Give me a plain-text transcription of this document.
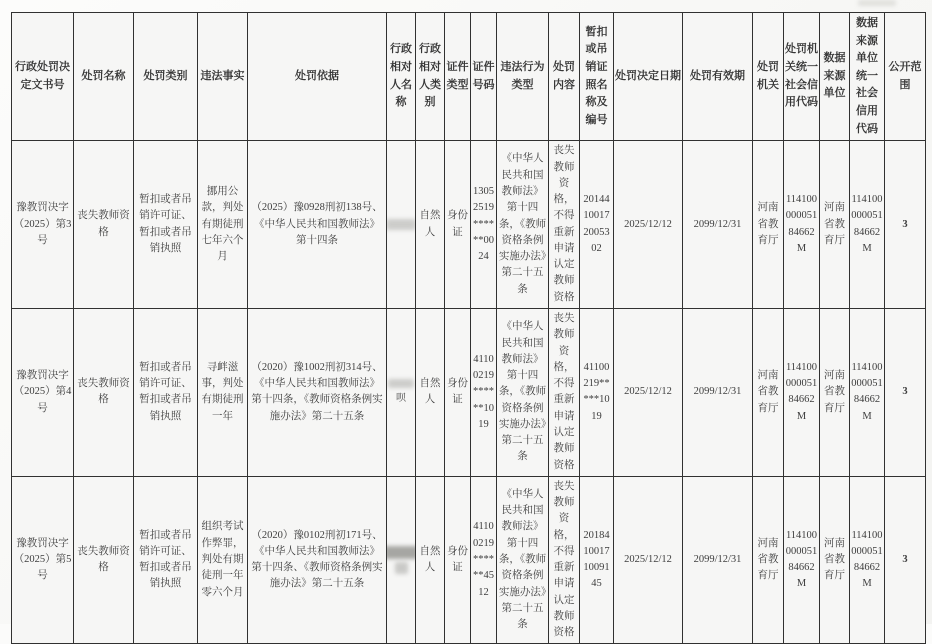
行政处罚决定文书号	处罚名称	处罚类别	违法事实	处罚依据	行政相对人名称	行政相对人类别	证件类型	证件号码	违法行为类型	处罚内容	暂扣或吊销证照名称及编号	处罚决定日期	处罚有效期	处罚机关	处罚机关统一社会信用代码	数据来源单位	数据来源单位统一社会信用代码	公开范围
豫教罚决字（2025）第3号	丧失教师资格	暂扣或者吊销许可证、暂扣或者吊销执照	挪用公款，判处有期徒刑七年六个月	（2025）豫0928刑初138号、《中华人民共和国教师法》第十四条		自然人	身份证	13052519******0024	《中华人民共和国教师法》第十四条，《教师资格条例实施办法》第二十五条	丧失教师资格，不得重新申请认定教师资格	20144100172005302	2025/12/12	2099/12/31	河南省教育厅	11410000005184662M	河南省教育厅	11410000005184662M	3
豫教罚决字（2025）第4号	丧失教师资格	暂扣或者吊销许可证、暂扣或者吊销执照	寻衅滋事，判处有期徒刑一年	（2020）豫1002刑初314号、《中华人民共和国教师法》第十四条，《教师资格条例实施办法》第二十五条	呗	自然人	身份证	41100219******1019	《中华人民共和国教师法》第十四条，《教师资格条例实施办法》第二十五条	丧失教师资格，不得重新申请认定教师资格	41100219*****1019	2025/12/12	2099/12/31	河南省教育厅	11410000005184662M	河南省教育厅	11410000005184662M	3
豫教罚决字（2025）第5号	丧失教师资格	暂扣或者吊销许可证、暂扣或者吊销执照	组织考试作弊罪，判处有期徒刑一年零六个月	（2020）豫0102刑初171号、《中华人民共和国教师法》第十四条、《教师资格条例实施办法》第二十五条		自然人	身份证	41100219******4512	《中华人民共和国教师法》第十四条，《教师资格条例实施办法》第二十五条	丧失教师资格，不得重新申请认定教师资格	20184100171009145	2025/12/12	2099/12/31	河南省教育厅	11410000005184662M	河南省教育厅	11410000005184662M	3
